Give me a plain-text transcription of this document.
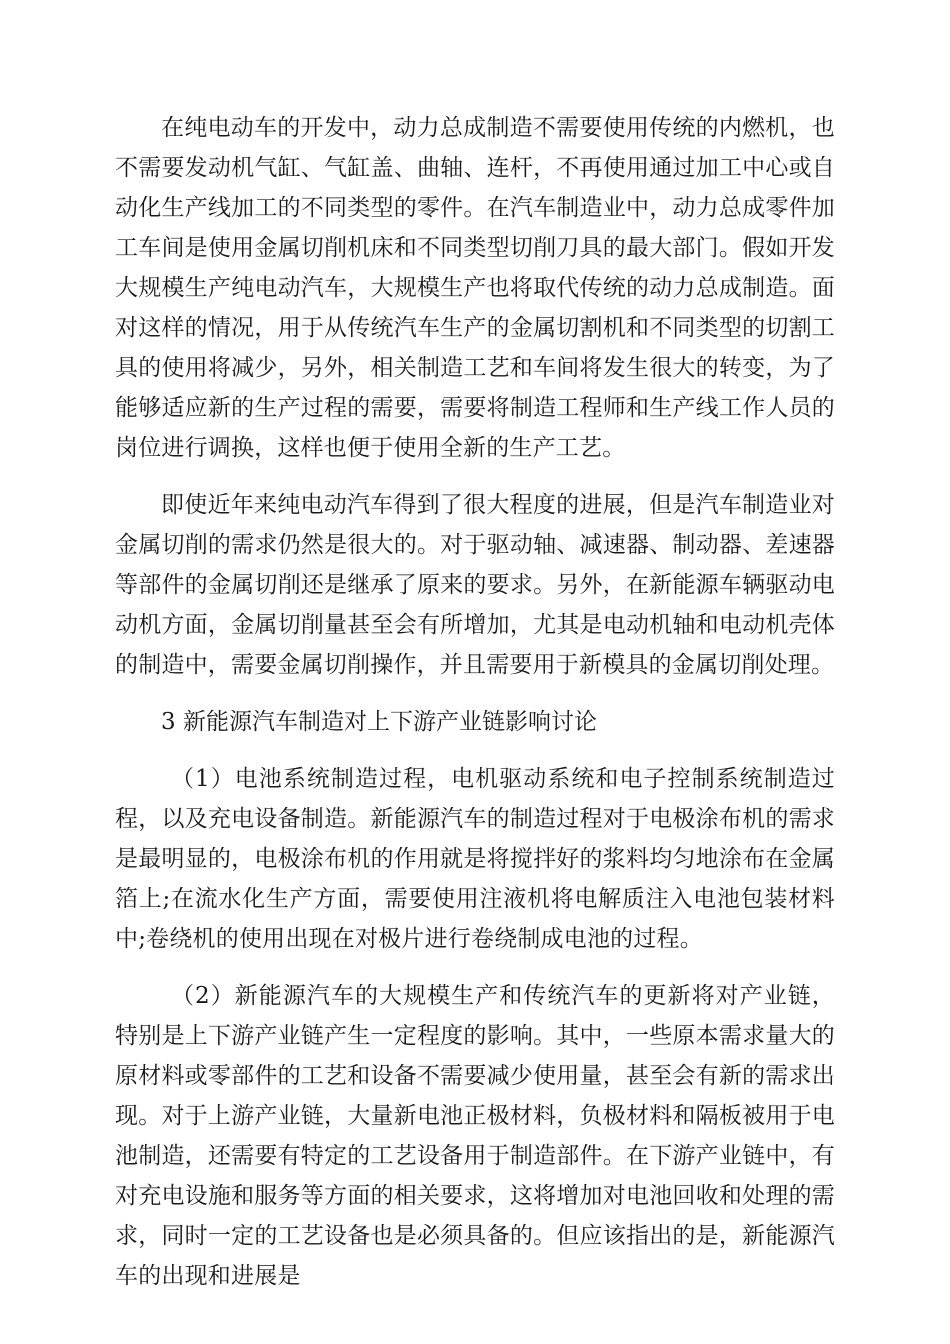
在纯电动车的开发中，动力总成制造不需要使用传统的内燃机，也不需要发动机气缸、气缸盖、曲轴、连杆，不再使用通过加工中心或自动化生产线加工的不同类型的零件。在汽车制造业中，动力总成零件加工车间是使用金属切削机床和不同类型切削刀具的最大部门。假如开发大规模生产纯电动汽车，大规模生产也将取代传统的动力总成制造。面对这样的情况，用于从传统汽车生产的金属切割机和不同类型的切割工具的使用将减少，另外，相关制造工艺和车间将发生很大的转变，为了能够适应新的生产过程的需要，需要将制造工程师和生产线工作人员的岗位进行调换，这样也便于使用全新的生产工艺。

即使近年来纯电动汽车得到了很大程度的进展，但是汽车制造业对金属切削的需求仍然是很大的。对于驱动轴、减速器、制动器、差速器等部件的金属切削还是继承了原来的要求。另外，在新能源车辆驱动电动机方面，金属切削量甚至会有所增加，尤其是电动机轴和电动机壳体的制造中，需要金属切削操作，并且需要用于新模具的金属切削处理。

3 新能源汽车制造对上下游产业链影响讨论

（1）电池系统制造过程，电机驱动系统和电子控制系统制造过程，以及充电设备制造。新能源汽车的制造过程对于电极涂布机的需求是最明显的，电极涂布机的作用就是将搅拌好的浆料均匀地涂布在金属箔上;在流水化生产方面，需要使用注液机将电解质注入电池包装材料中;卷绕机的使用出现在对极片进行卷绕制成电池的过程。

（2）新能源汽车的大规模生产和传统汽车的更新将对产业链，特别是上下游产业链产生一定程度的影响。其中，一些原本需求量大的原材料或零部件的工艺和设备不需要减少使用量，甚至会有新的需求出现。对于上游产业链，大量新电池正极材料，负极材料和隔板被用于电池制造，还需要有特定的工艺设备用于制造部件。在下游产业链中，有对充电设施和服务等方面的相关要求，这将增加对电池回收和处理的需求，同时一定的工艺设备也是必须具备的。但应该指出的是，新能源汽车的出现和进展是
